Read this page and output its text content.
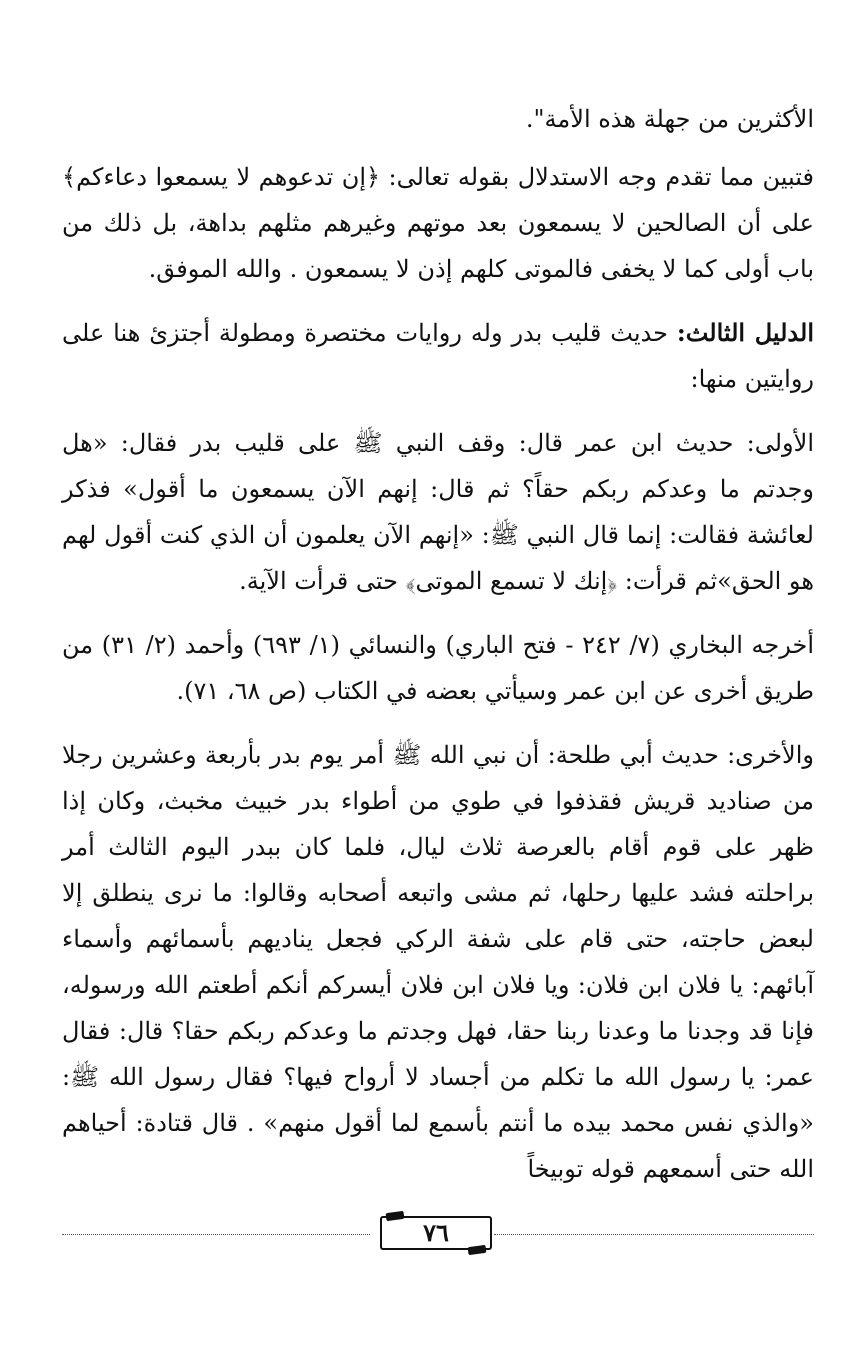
الأكثرين من جهلة هذه الأمة".

فتبين مما تقدم وجه الاستدلال بقوله تعالى: ﴿إن تدعوهم لا يسمعوا دعاءكم﴾ على أن الصالحين لا يسمعون بعد موتهم وغيرهم مثلهم بداهة، بل ذلك من باب أولى كما لا يخفى فالموتى كلهم إذن لا يسمعون . والله الموفق.

الدليل الثالث: حديث قليب بدر وله روايات مختصرة ومطولة أجتزئ هنا على روايتين منها:

الأولى: حديث ابن عمر قال: وقف النبي ﷺ على قليب بدر فقال: «هل وجدتم ما وعدكم ربكم حقاً؟ ثم قال: إنهم الآن يسمعون ما أقول» فذكر لعائشة فقالت: إنما قال النبي ﷺ: «إنهم الآن يعلمون أن الذي كنت أقول لهم هو الحق»ثم قرأت: ﴿إنك لا تسمع الموتى﴾ حتى قرأت الآية.

أخرجه البخاري (٧/ ٢٤٢ - فتح الباري) والنسائي (١/ ٦٩٣) وأحمد (٢/ ٣١) من طريق أخرى عن ابن عمر وسيأتي بعضه في الكتاب (ص ٦٨، ٧١).

والأخرى: حديث أبي طلحة: أن نبي الله ﷺ أمر يوم بدر بأربعة وعشرين رجلا من صناديد قريش فقذفوا في طوي من أطواء بدر خبيث مخبث، وكان إذا ظهر على قوم أقام بالعرصة ثلاث ليال، فلما كان ببدر اليوم الثالث أمر براحلته فشد عليها رحلها، ثم مشى واتبعه أصحابه وقالوا: ما نرى ينطلق إلا لبعض حاجته، حتى قام على شفة الركي فجعل يناديهم بأسمائهم وأسماء آبائهم: يا فلان ابن فلان: ويا فلان ابن فلان أيسركم أنكم أطعتم الله ورسوله، فإنا قد وجدنا ما وعدنا ربنا حقا، فهل وجدتم ما وعدكم ربكم حقا؟ قال: فقال عمر: يا رسول الله ما تكلم من أجساد لا أرواح فيها؟ فقال رسول الله ﷺ: «والذي نفس محمد بيده ما أنتم بأسمع لما أقول منهم» . قال قتادة: أحياهم الله حتى أسمعهم قوله توبيخاً

٧٦
